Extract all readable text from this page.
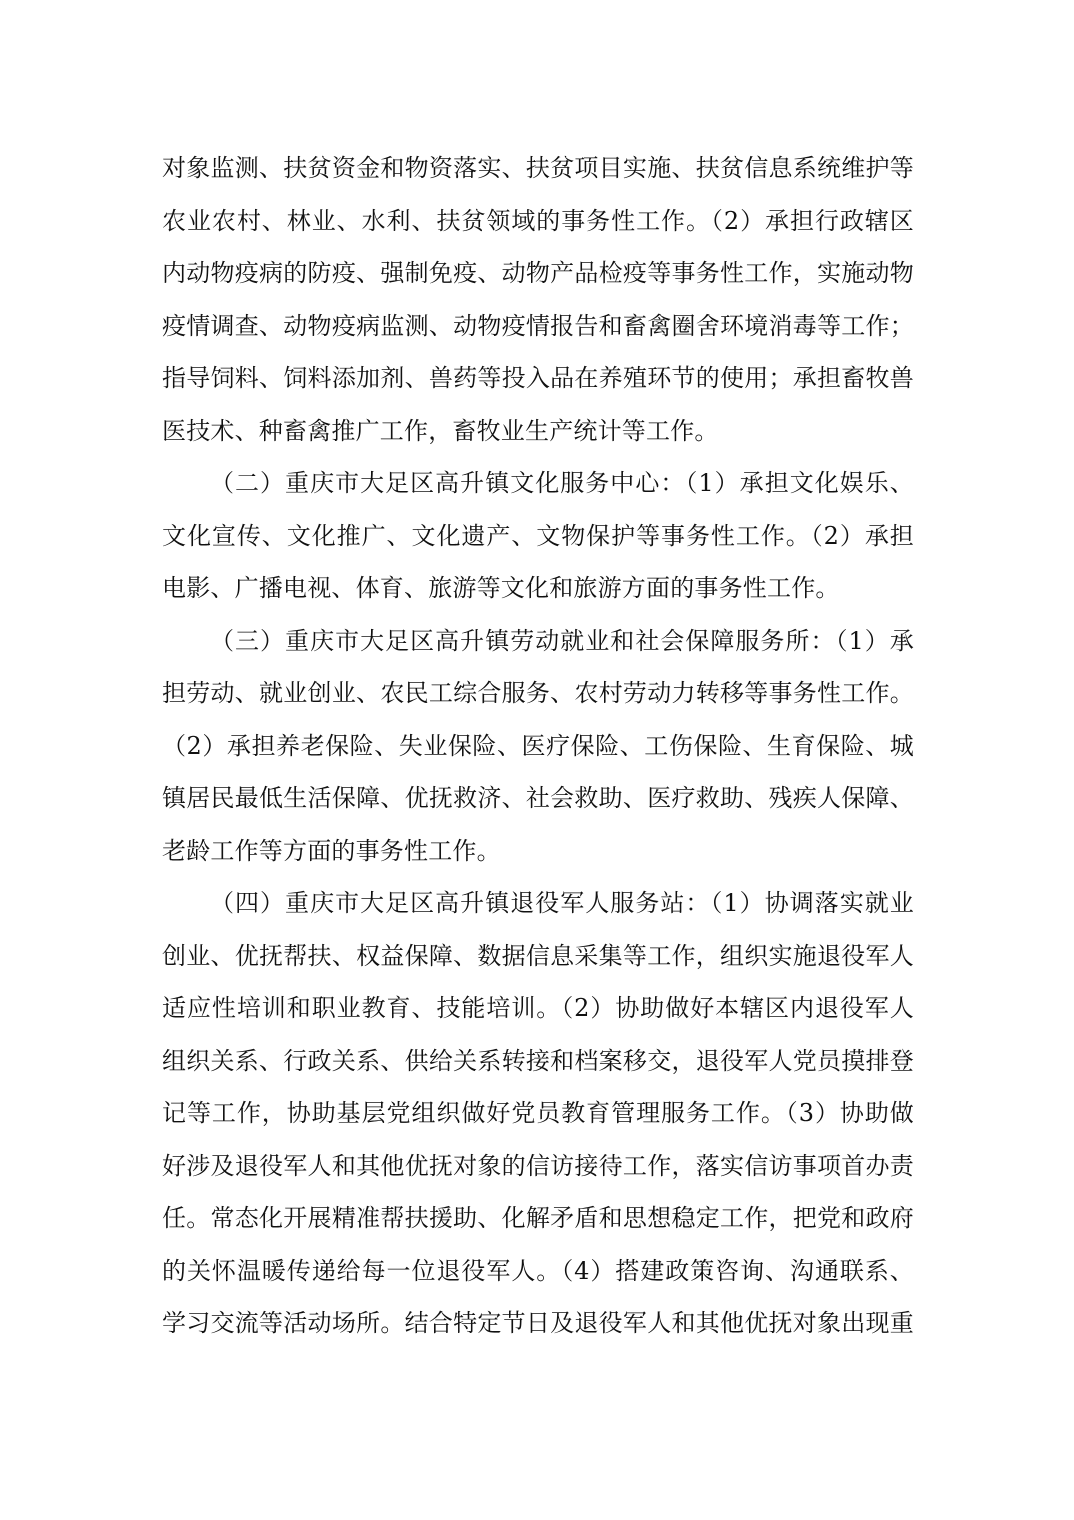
对象监测、扶贫资金和物资落实、扶贫项目实施、扶贫信息系统维护等
农业农村、林业、水利、扶贫领域的事务性工作。（2）承担行政辖区
内动物疫病的防疫、强制免疫、动物产品检疫等事务性工作，实施动物
疫情调查、动物疫病监测、动物疫情报告和畜禽圈舍环境消毒等工作；
指导饲料、饲料添加剂、兽药等投入品在养殖环节的使用；承担畜牧兽
医技术、种畜禽推广工作，畜牧业生产统计等工作。
（二）重庆市大足区高升镇文化服务中心：（1）承担文化娱乐、
文化宣传、文化推广、文化遗产、文物保护等事务性工作。（2）承担
电影、广播电视、体育、旅游等文化和旅游方面的事务性工作。
（三）重庆市大足区高升镇劳动就业和社会保障服务所：（1）承
担劳动、就业创业、农民工综合服务、农村劳动力转移等事务性工作。
（2）承担养老保险、失业保险、医疗保险、工伤保险、生育保险、城
镇居民最低生活保障、优抚救济、社会救助、医疗救助、残疾人保障、
老龄工作等方面的事务性工作。
（四）重庆市大足区高升镇退役军人服务站：（1）协调落实就业
创业、优抚帮扶、权益保障、数据信息采集等工作，组织实施退役军人
适应性培训和职业教育、技能培训。（2）协助做好本辖区内退役军人
组织关系、行政关系、供给关系转接和档案移交，退役军人党员摸排登
记等工作，协助基层党组织做好党员教育管理服务工作。（3）协助做
好涉及退役军人和其他优抚对象的信访接待工作，落实信访事项首办责
任。常态化开展精准帮扶援助、化解矛盾和思想稳定工作，把党和政府
的关怀温暖传递给每一位退役军人。（4）搭建政策咨询、沟通联系、
学习交流等活动场所。结合特定节日及退役军人和其他优抚对象出现重
